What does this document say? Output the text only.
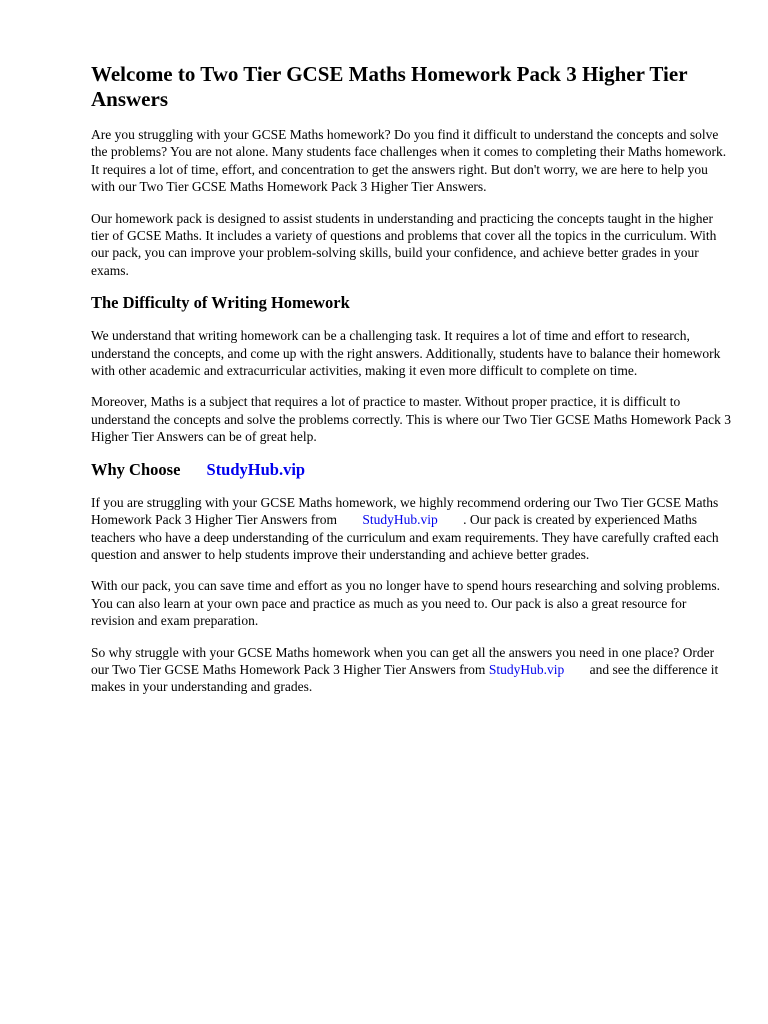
Welcome to Two Tier GCSE Maths Homework Pack 3 Higher Tier Answers

Are you struggling with your GCSE Maths homework? Do you find it difficult to understand the concepts and solve the problems? You are not alone. Many students face challenges when it comes to completing their Maths homework. It requires a lot of time, effort, and concentration to get the answers right. But don't worry, we are here to help you with our Two Tier GCSE Maths Homework Pack 3 Higher Tier Answers.

Our homework pack is designed to assist students in understanding and practicing the concepts taught in the higher tier of GCSE Maths. It includes a variety of questions and problems that cover all the topics in the curriculum. With our pack, you can improve your problem-solving skills, build your confidence, and achieve better grades in your exams.

The Difficulty of Writing Homework

We understand that writing homework can be a challenging task. It requires a lot of time and effort to research, understand the concepts, and come up with the right answers. Additionally, students have to balance their homework with other academic and extracurricular activities, making it even more difficult to complete on time.

Moreover, Maths is a subject that requires a lot of practice to master. Without proper practice, it is difficult to understand the concepts and solve the problems correctly. This is where our Two Tier GCSE Maths Homework Pack 3 Higher Tier Answers can be of great help.

Why Choose StudyHub.vip

If you are struggling with your GCSE Maths homework, we highly recommend ordering our Two Tier GCSE Maths Homework Pack 3 Higher Tier Answers from StudyHub.vip . Our pack is created by experienced Maths teachers who have a deep understanding of the curriculum and exam requirements. They have carefully crafted each question and answer to help students improve their understanding and achieve better grades.

With our pack, you can save time and effort as you no longer have to spend hours researching and solving problems. You can also learn at your own pace and practice as much as you need to. Our pack is also a great resource for revision and exam preparation.

So why struggle with your GCSE Maths homework when you can get all the answers you need in one place? Order our Two Tier GCSE Maths Homework Pack 3 Higher Tier Answers from StudyHub.vip and see the difference it makes in your understanding and grades.
